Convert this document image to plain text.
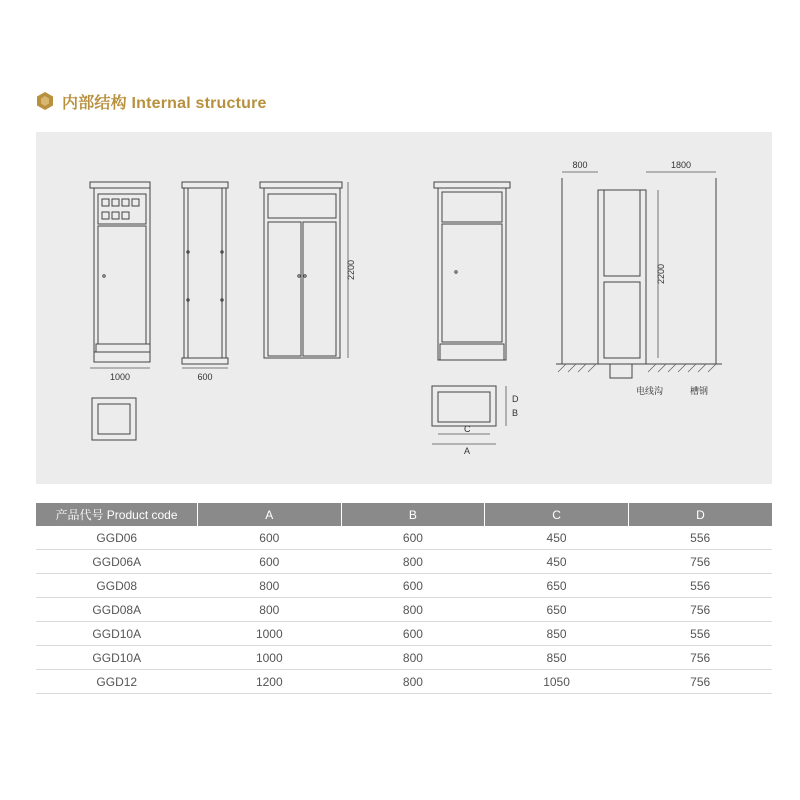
内部结构 Internal structure
1000	600
2200
800	1800
2200
D
B
C
A
电线沟	槽钢
产品代号 Product code	A	B	C	D
GGD06	600	600	450	556
GGD06A	600	800	450	756
GGD08	800	600	650	556
GGD08A	800	800	650	756
GGD10A	1000	600	850	556
GGD10A	1000	800	850	756
GGD12	1200	800	1050	756
